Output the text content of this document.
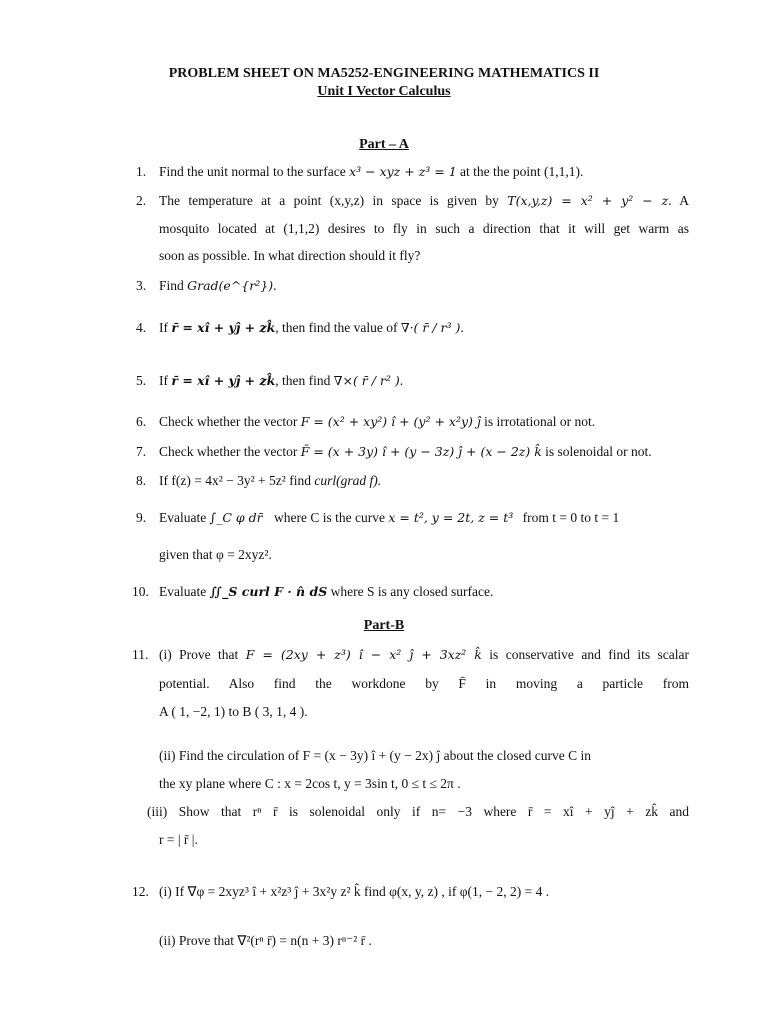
PROBLEM SHEET ON MA5252-ENGINEERING MATHEMATICS II
Unit I Vector Calculus
Part – A
1. Find the unit normal to the surface x³ − xyz + z³ = 1 at the the point (1,1,1).
2. The temperature at a point (x,y,z) in space is given by T(x,y,z) = x² + y² − z. A
mosquito located at (1,1,2) desires to fly in such a direction that it will get warm as
soon as possible. In what direction should it fly?
3. Find Grad(e^{r²}).
4. If r̄ = xî + yĵ + zk̂, then find the value of ∇·( r̄ / r³ ).
5. If r̄ = xî + yĵ + zk̂, then find ∇×( r̄ / r² ).
6. Check whether the vector F = (x² + xy²) î + (y² + x²y) ĵ is irrotational or not.
7. Check whether the vector F̄ = (x + 3y) î + (y − 3z) ĵ + (x − 2z) k̂ is solenoidal or not.
8. If f(z) = 4x² − 3y² + 5z² find curl(grad f).
9. Evaluate ∫_C φ dr̄ where C is the curve x = t², y = 2t, z = t³ from t = 0 to t = 1
given that φ = 2xyz².
10. Evaluate ∬_S curl F · n̂ dS where S is any closed surface.
Part-B
11. (i) Prove that F = (2xy + z³) î − x² ĵ + 3xz² k̂ is conservative and find its scalar
potential. Also find the workdone by F̄ in moving a particle from
A ( 1, −2, 1) to B ( 3, 1, 4 ).
(ii) Find the circulation of F = (x − 3y) î + (y − 2x) ĵ about the closed curve C in
the xy plane where C : x = 2cos t, y = 3sin t, 0 ≤ t ≤ 2π .
(iii) Show that rⁿ r̄ is solenoidal only if n= −3 where r̄ = xî + yĵ + zk̂ and
r = | r̄ |.
12. (i) If ∇φ = 2xyz³ î + x²z³ ĵ + 3x²y z² k̂ find φ(x, y, z) , if φ(1, − 2, 2) = 4 .
(ii) Prove that ∇²(rⁿ r̄) = n(n + 3) rⁿ⁻² r̄ .
